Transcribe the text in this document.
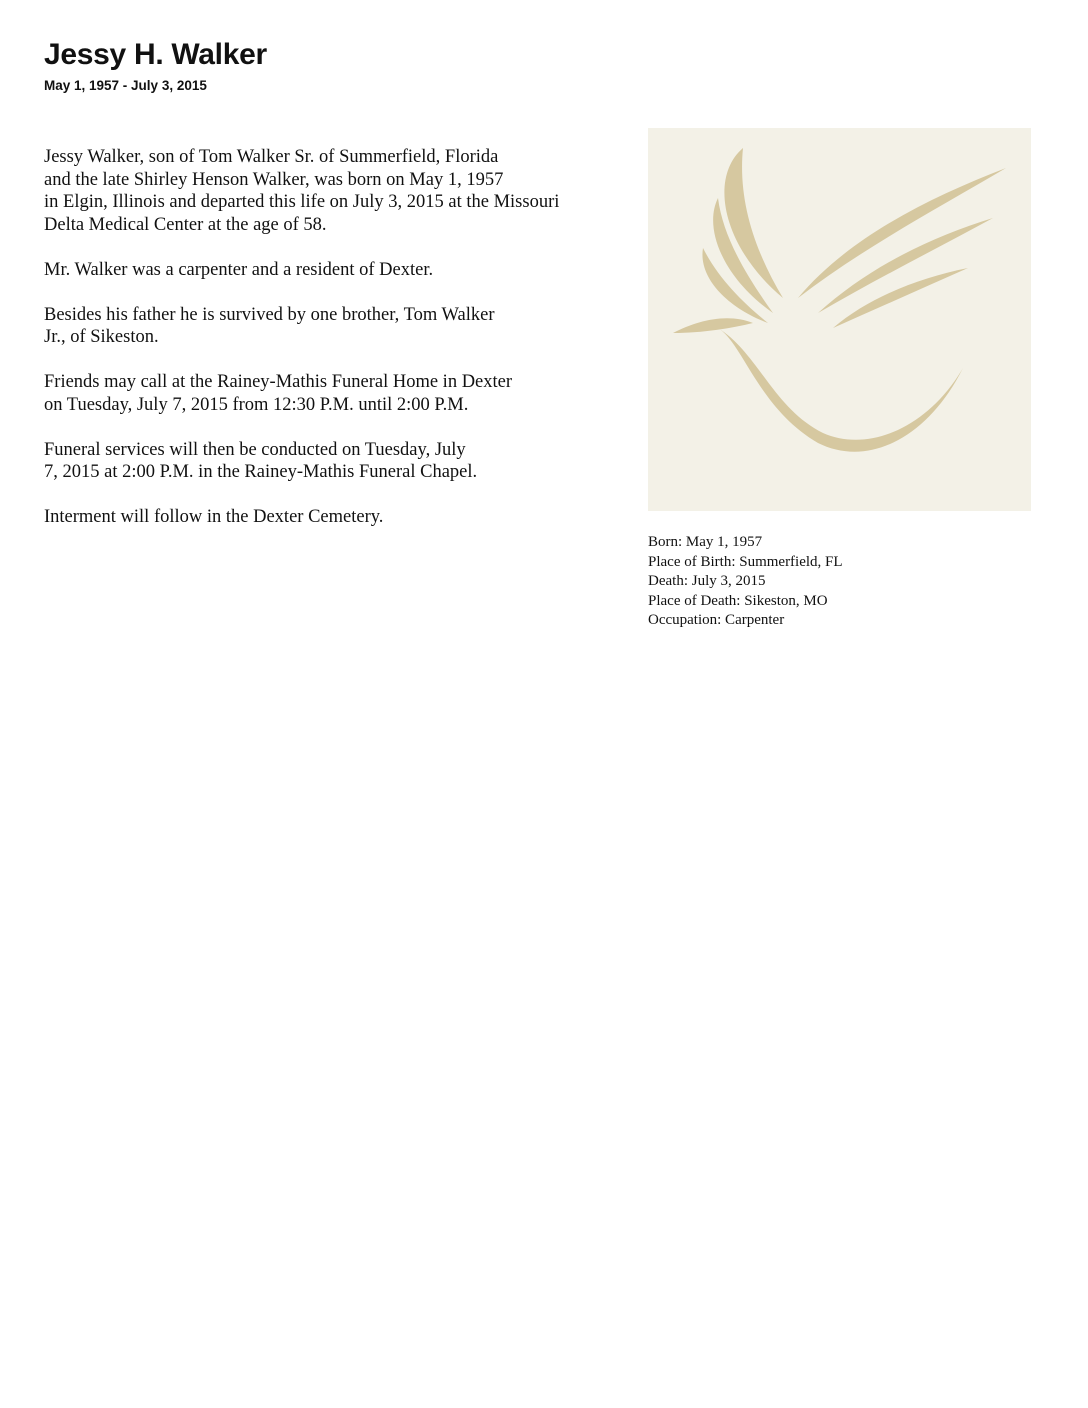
Jessy H. Walker
May 1, 1957 - July 3, 2015

Jessy Walker, son of Tom Walker Sr. of Summerfield, Florida
and the late Shirley Henson Walker, was born on May 1, 1957
in Elgin, Illinois and departed this life on July 3, 2015 at the Missouri
Delta Medical Center at the age of 58.

Mr. Walker was a carpenter and a resident of Dexter.

Besides his father he is survived by one brother, Tom Walker
Jr., of Sikeston.

Friends may call at the Rainey-Mathis Funeral Home in Dexter
on Tuesday, July 7, 2015 from 12:30 P.M. until 2:00 P.M.

Funeral services will then be conducted on Tuesday, July
7, 2015 at 2:00 P.M. in the Rainey-Mathis Funeral Chapel.

Interment will follow in the Dexter Cemetery.

Born: May 1, 1957
Place of Birth: Summerfield, FL
Death: July 3, 2015
Place of Death: Sikeston, MO
Occupation: Carpenter
